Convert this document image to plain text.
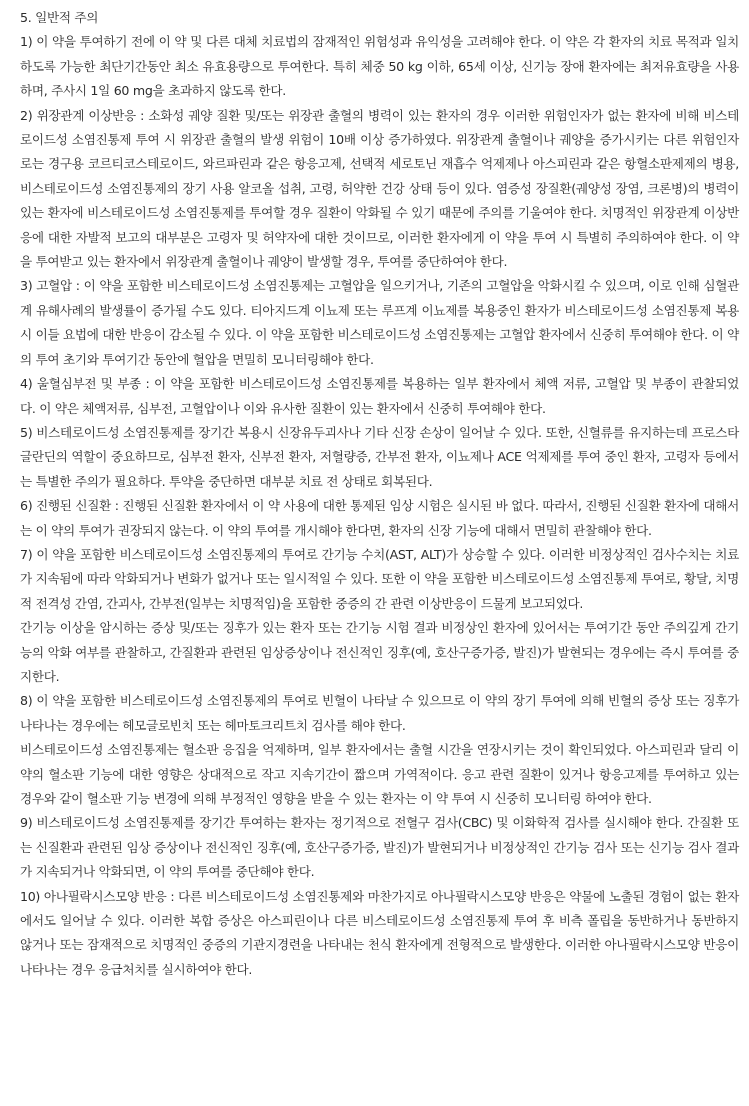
5. 일반적 주의

1) 이 약을 투여하기 전에 이 약 및 다른 대체 치료법의 잠재적인 위험성과 유익성을 고려해야 한다. 이 약은 각 환자의 치료 목적과 일치하도록 가능한 최단기간동안 최소 유효용량으로 투여한다. 특히 체중 50 kg 이하, 65세 이상, 신기능 장애 환자에는 최저유효량을 사용하며, 주사시 1일 60 mg을 초과하지 않도록 한다.

2) 위장관계 이상반응 : 소화성 궤양 질환 및/또는 위장관 출혈의 병력이 있는 환자의 경우 이러한 위험인자가 없는 환자에 비해 비스테로이드성 소염진통제 투여 시 위장관 출혈의 발생 위험이 10배 이상 증가하였다. 위장관계 출혈이나 궤양을 증가시키는 다른 위험인자로는 경구용 코르티코스테로이드, 와르파린과 같은 항응고제, 선택적 세로토닌 재흡수 억제제나 아스피린과 같은 항혈소판제제의 병용, 비스테로이드성 소염진통제의 장기 사용 알코올 섭취, 고령, 허약한 건강 상태 등이 있다. 염증성 장질환(궤양성 장염, 크론병)의 병력이 있는 환자에 비스테로이드성 소염진통제를 투여할 경우 질환이 악화될 수 있기 때문에 주의를 기울여야 한다. 치명적인 위장관계 이상반응에 대한 자발적 보고의 대부분은 고령자 및 허약자에 대한 것이므로, 이러한 환자에게 이 약을 투여 시 특별히 주의하여야 한다. 이 약을 투여받고 있는 환자에서 위장관계 출혈이나 궤양이 발생할 경우, 투여를 중단하여야 한다.

3) 고혈압 : 이 약을 포함한 비스테로이드성 소염진통제는 고혈압을 일으키거나, 기존의 고혈압을 악화시킬 수 있으며, 이로 인해 심혈관계 유해사례의 발생률이 증가될 수도 있다. 티아지드계 이뇨제 또는 루프계 이뇨제를 복용중인 환자가 비스테로이드성 소염진통제 복용시 이들 요법에 대한 반응이 감소될 수 있다. 이 약을 포함한 비스테로이드성 소염진통제는 고혈압 환자에서 신중히 투여해야 한다. 이 약의 투여 초기와 투여기간 동안에 혈압을 면밀히 모니터링해야 한다.

4) 울혈심부전 및 부종 : 이 약을 포함한 비스테로이드성 소염진통제를 복용하는 일부 환자에서 체액 저류, 고혈압 및 부종이 관찰되었다. 이 약은 체액저류, 심부전, 고혈압이나 이와 유사한 질환이 있는 환자에서 신중히 투여해야 한다.

5) 비스테로이드성 소염진통제를 장기간 복용시 신장유두괴사나 기타 신장 손상이 일어날 수 있다. 또한, 신혈류를 유지하는데 프로스타글란딘의 역할이 중요하므로, 심부전 환자, 신부전 환자, 저혈량증, 간부전 환자, 이뇨제나 ACE 억제제를 투여 중인 환자, 고령자 등에서는 특별한 주의가 필요하다. 투약을 중단하면 대부분 치료 전 상태로 회복된다.

6) 진행된 신질환 : 진행된 신질환 환자에서 이 약 사용에 대한 통제된 임상 시험은 실시된 바 없다. 따라서, 진행된 신질환 환자에 대해서는 이 약의 투여가 권장되지 않는다. 이 약의 투여를 개시해야 한다면, 환자의 신장 기능에 대해서 면밀히 관찰해야 한다.

7) 이 약을 포함한 비스테로이드성 소염진통제의 투여로 간기능 수치(AST, ALT)가 상승할 수 있다. 이러한 비정상적인 검사수치는 치료가 지속됨에 따라 악화되거나 변화가 없거나 또는 일시적일 수 있다. 또한 이 약을 포함한 비스테로이드성 소염진통제 투여로, 황달, 치명적 전격성 간염, 간괴사, 간부전(일부는 치명적임)을 포함한 중증의 간 관련 이상반응이 드물게 보고되었다.

간기능 이상을 암시하는 증상 및/또는 징후가 있는 환자 또는 간기능 시험 결과 비정상인 환자에 있어서는 투여기간 동안 주의깊게 간기능의 악화 여부를 관찰하고, 간질환과 관련된 임상증상이나 전신적인 징후(예, 호산구증가증, 발진)가 발현되는 경우에는 즉시 투여를 중지한다.

8) 이 약을 포함한 비스테로이드성 소염진통제의 투여로 빈혈이 나타날 수 있으므로 이 약의 장기 투여에 의해 빈혈의 증상 또는 징후가 나타나는 경우에는 헤모글로빈치 또는 헤마토크리트치 검사를 해야 한다.

비스테로이드성 소염진통제는 혈소판 응집을 억제하며, 일부 환자에서는 출혈 시간을 연장시키는 것이 확인되었다. 아스피린과 달리 이 약의 혈소판 기능에 대한 영향은 상대적으로 작고 지속기간이 짧으며 가역적이다. 응고 관련 질환이 있거나 항응고제를 투여하고 있는 경우와 같이 혈소판 기능 변경에 의해 부정적인 영향을 받을 수 있는 환자는 이 약 투여 시 신중히 모니터링 하여야 한다.

9) 비스테로이드성 소염진통제를 장기간 투여하는 환자는 정기적으로 전혈구 검사(CBC) 및 이화학적 검사를 실시해야 한다. 간질환 또는 신질환과 관련된 임상 증상이나 전신적인 징후(예, 호산구증가증, 발진)가 발현되거나 비정상적인 간기능 검사 또는 신기능 검사 결과가 지속되거나 악화되면, 이 약의 투여를 중단해야 한다.

10) 아나필락시스모양 반응 : 다른 비스테로이드성 소염진통제와 마찬가지로 아나필락시스모양 반응은 약물에 노출된 경험이 없는 환자에서도 일어날 수 있다. 이러한 복합 증상은 아스피린이나 다른 비스테로이드성 소염진통제 투여 후 비측 폴립을 동반하거나 동반하지 않거나 또는 잠재적으로 치명적인 중증의 기관지경련을 나타내는 천식 환자에게 전형적으로 발생한다. 이러한 아나필락시스모양 반응이 나타나는 경우 응급처치를 실시하여야 한다.
